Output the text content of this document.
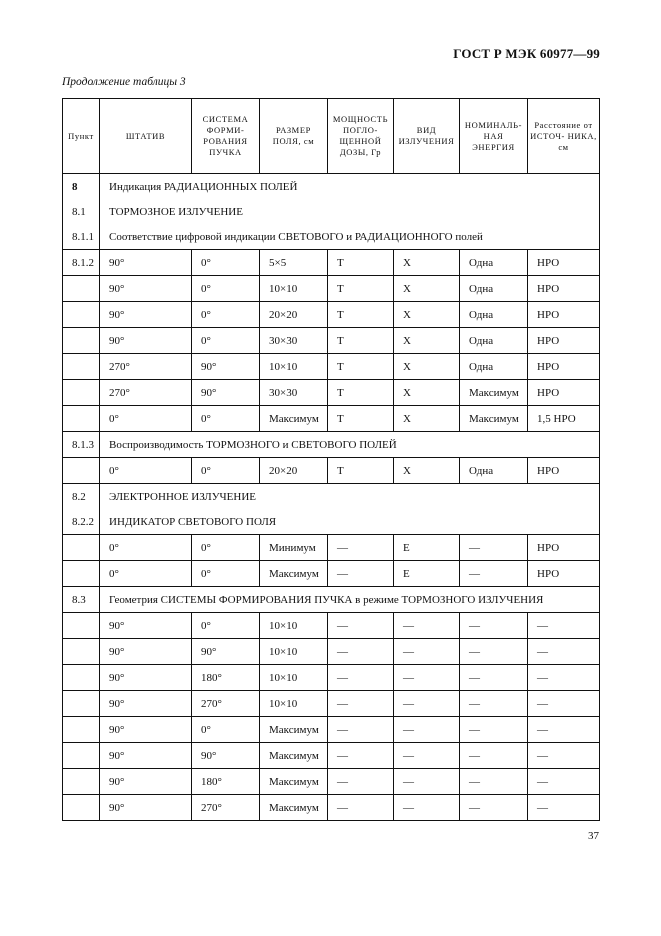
ГОСТ Р МЭК 60977—99
Продолжение таблицы 3
Пункт	ШТАТИВ	СИСТЕМА ФОРМИ- РОВАНИЯ ПУЧКА	РАЗМЕР ПОЛЯ, см	МОЩНОСТЬ ПОГЛО- ЩЕННОЙ ДОЗЫ, Гр	ВИД ИЗЛУЧЕНИЯ	НОМИНАЛЬ- НАЯ ЭНЕРГИЯ	Расстояние от ИСТОЧ- НИКА, см
8	Индикация РАДИАЦИОННЫХ ПОЛЕЙ						
8.1	ТОРМОЗНОЕ ИЗЛУЧЕНИЕ						
8.1.1	Соответствие цифровой индикации СВЕТОВОГО и РАДИАЦИОННОГО полей						
8.1.2	90°	0°	5×5	Т	Х	Одна	НРО
	90°	0°	10×10	Т	Х	Одна	НРО
	90°	0°	20×20	Т	Х	Одна	НРО
	90°	0°	30×30	Т	Х	Одна	НРО
	270°	90°	10×10	Т	Х	Одна	НРО
	270°	90°	30×30	Т	Х	Максимум	НРО
	0°	0°	Максимум	Т	Х	Максимум	1,5 НРО
8.1.3	Воспроизводимость ТОРМОЗНОГО и СВЕТОВОГО ПОЛЕЙ						
	0°	0°	20×20	Т	Х	Одна	НРО
8.2	ЭЛЕКТРОННОЕ ИЗЛУЧЕНИЕ						
8.2.2	ИНДИКАТОР СВЕТОВОГО ПОЛЯ						
	0°	0°	Минимум	—	Е	—	НРО
	0°	0°	Максимум	—	Е	—	НРО
8.3	Геометрия СИСТЕМЫ ФОРМИРОВАНИЯ ПУЧКА в режиме ТОРМОЗНОГО ИЗЛУЧЕНИЯ						
	90°	0°	10×10	—	—	—	—
	90°	90°	10×10	—	—	—	—
	90°	180°	10×10	—	—	—	—
	90°	270°	10×10	—	—	—	—
	90°	0°	Максимум	—	—	—	—
	90°	90°	Максимум	—	—	—	—
	90°	180°	Максимум	—	—	—	—
	90°	270°	Максимум	—	—	—	—
37
